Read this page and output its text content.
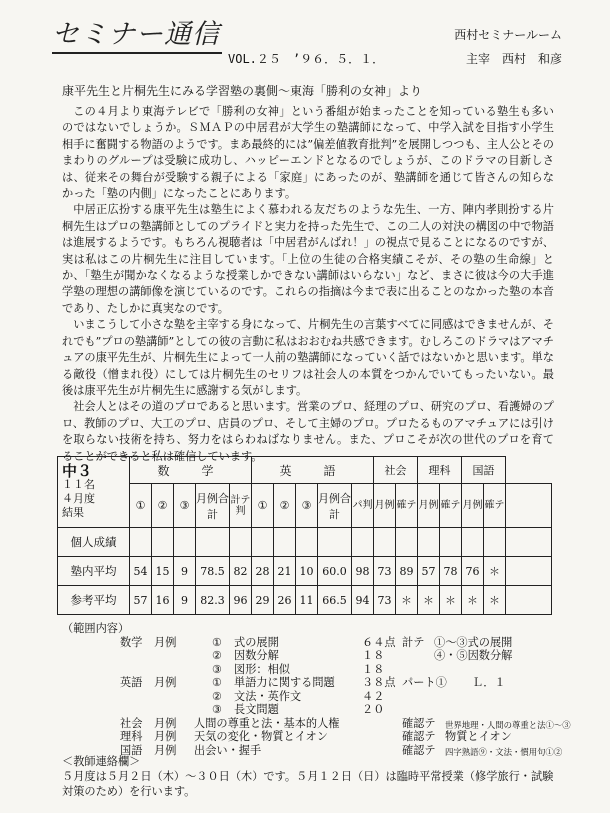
セミナー通信
VOL.２５　’９６．５．１．
西村セミナールーム
主宰　西村　和彦
康平先生と片桐先生にみる学習塾の裏側〜東海「勝利の女神」より

この４月より東海テレビで「勝利の女神」という番組が始まったことを知っている塾生も多いのではないでしょうか。ＳＭＡＰの中居君が大学生の塾講師になって、中学入試を目指す小学生相手に奮闘する物語のようです。まあ最終的には”偏差値教育批判”を展開しつつも、主人公とそのまわりのグループは受験に成功し、ハッピーエンドとなるのでしょうが、このドラマの目新しさは、従来その舞台が受験する親子による「家庭」にあったのが、塾講師を通じて皆さんの知らなかった「塾の内側」になったことにあります。

中居正広扮する康平先生は塾生によく慕われる友だちのような先生、一方、陣内孝則扮する片桐先生はプロの塾講師としてのプライドと実力を持った先生で、この二人の対決の構図の中で物語は進展するようです。もちろん視聴者は「中居君がんばれ！」の視点で見ることになるのですが、実は私はこの片桐先生に注目しています。「上位の生徒の合格実績こそが、その塾の生命線」とか、「塾生が聞かなくなるような授業しかできない講師はいらない」など、まさに彼は今の大手進学塾の理想の講師像を演じているのです。これらの指摘は今まで表に出ることのなかった塾の本音であり、たしかに真実なのです。

いまこうして小さな塾を主宰する身になって、片桐先生の言葉すべてに同感はできませんが、それでも”プロの塾講師”としての彼の言動に私はおおむね共感できます。むしろこのドラマはアマチュアの康平先生が、片桐先生によって一人前の塾講師になっていく話ではないかと思います。単なる敵役（憎まれ役）にしては片桐先生のセリフは社会人の本質をつかんでいてもったいない。最後は康平先生が片桐先生に感謝する気がします。

社会人とはその道のプロであると思います。営業のプロ、経理のプロ、研究のプロ、看護婦のプロ、教師のプロ、大工のプロ、店員のプロ、そして主婦のプロ。プロたるものアマチュアには引けを取らない技術を持ち、努力をはらわねばなりません。また、プロこそが次の世代のプロを育てることができると私は確信しています。

中３
１１名
４月度
結果	数　学					英　語					社会		理科		国語		
	①	②	③	月例合計	計テ判	①	②	③	月例合計	パ判	月例	確テ	月例	確テ	月例	確テ	
個人成績																	
塾内平均	54	15	9	78.5	82	28	21	10	60.0	98	73	89	57	78	76	＊	
参考平均	57	16	9	82.3	96	29	26	11	66.5	94	73	＊	＊	＊	＊	＊	
（範囲内容）
数学 月例	① 式の展開	６４点 計テ ①〜③式の展開
② 因数分解	１８	④・⑤因数分解
③ 図形：相似	１８
英語 月例	① 単語力に関する問題 ３８点 パート① Ｌ．１
② 文法・英作文	４２
③ 長文問題	２０
社会 月例 人間の尊重と法・基本的人権	確認テ 世界地理・人間の尊重と法①〜③
理科 月例 天気の変化・物質とイオン	確認テ 物質とイオン
国語 月例 出会い・握手	確認テ 四字熟語⑨・文法・慣用句①②
＜教師連絡欄＞
５月度は５月２日（木）〜３０日（木）です。５月１２日（日）は臨時平常授業（修学旅行・試験対策のため）を行います。
